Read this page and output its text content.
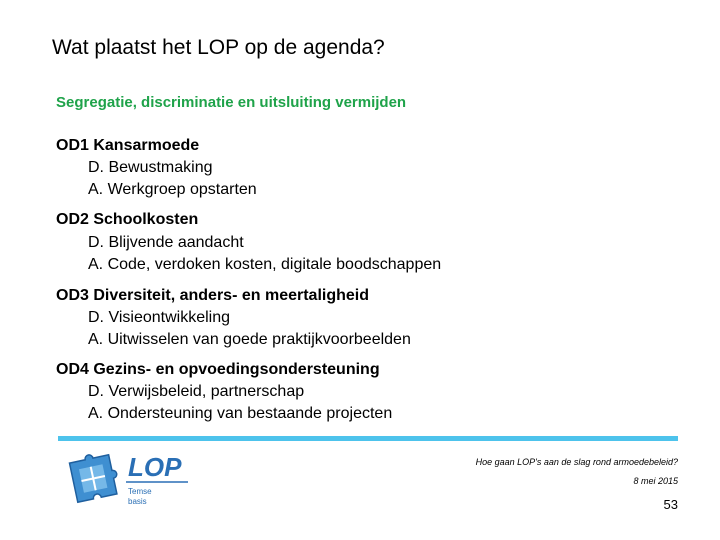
Wat plaatst het LOP op de agenda?
Segregatie, discriminatie en uitsluiting vermijden
OD1 Kansarmoede
D. Bewustmaking
A. Werkgroep opstarten
OD2 Schoolkosten
D. Blijvende aandacht
A. Code, verdoken kosten, digitale boodschappen
OD3 Diversiteit, anders- en meertaligheid
D. Visieontwikkeling
A. Uitwisselen van goede praktijkvoorbeelden
OD4 Gezins- en opvoedingsondersteuning
D. Verwijsbeleid, partnerschap
A. Ondersteuning van bestaande projecten
LOP
Temse
basis
Hoe gaan LOP's aan de slag rond armoedebeleid?
8 mei 2015
53
